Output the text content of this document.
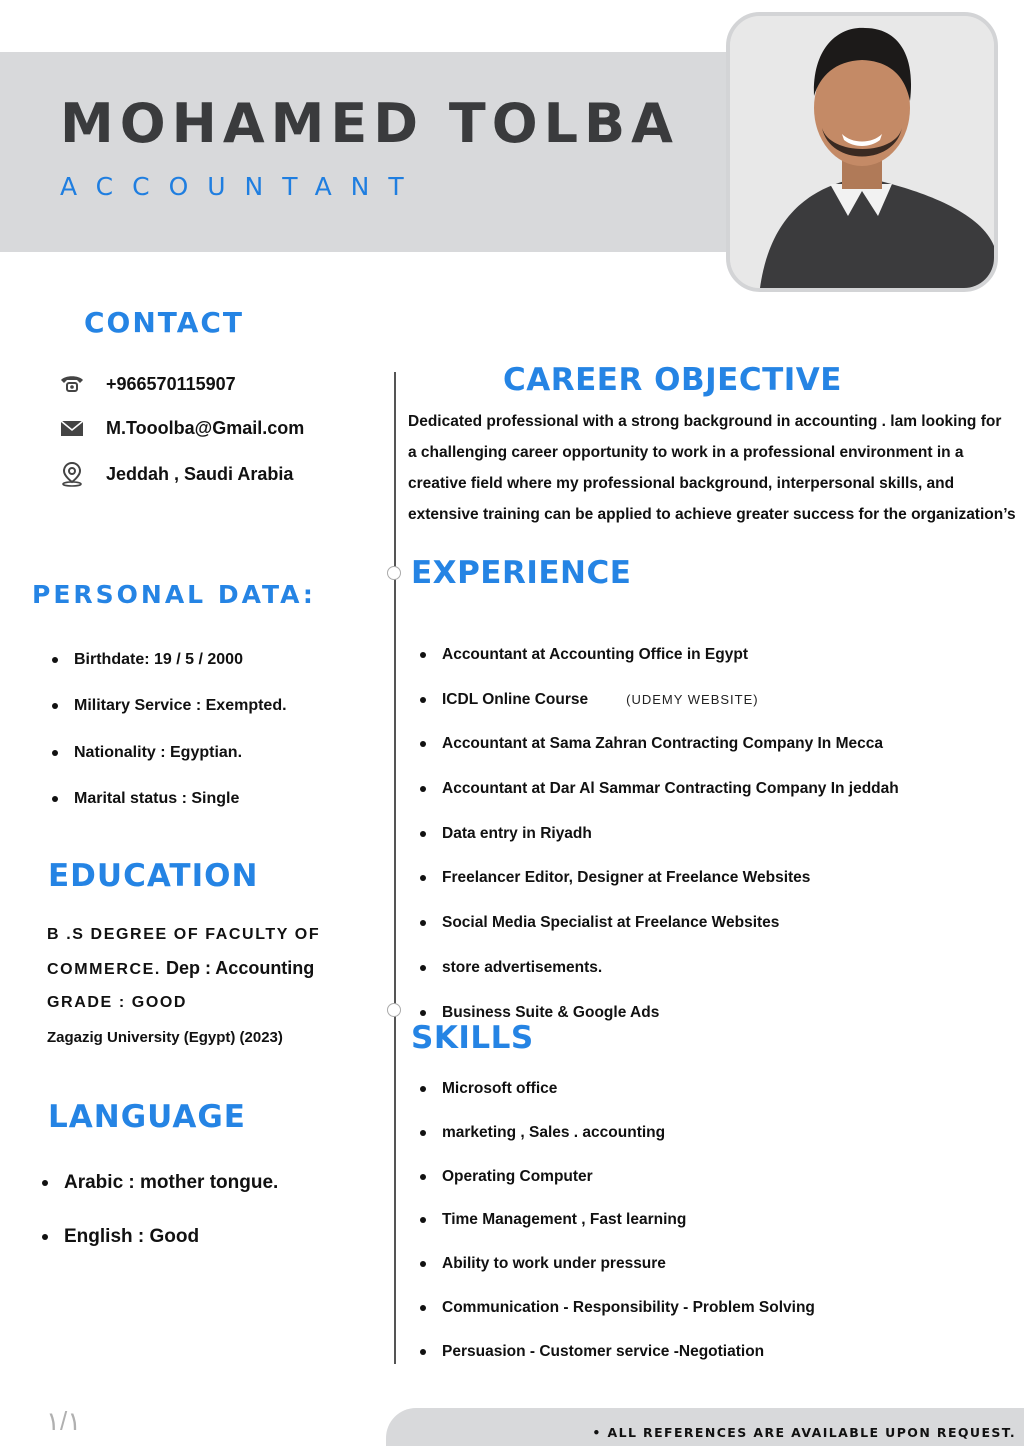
MOHAMED TOLBA
ACCOUNTANT
CONTACT
+966570115907
M.Tooolba@Gmail.com
Jeddah , Saudi Arabia
PERSONAL DATA:
Birthdate: 19 / 5 / 2000
Military Service : Exempted.
Nationality : Egyptian.
Marital status : Single
EDUCATION
B .S DEGREE OF FACULTY OF
COMMERCE. Dep : Accounting
GRADE : GOOD
Zagazig University (Egypt) (2023)
LANGUAGE
Arabic : mother tongue.
English : Good
CAREER OBJECTIVE

Dedicated professional with a strong background in accounting . lam looking for

a challenging career opportunity to work in a professional environment in a

creative field where my professional background, interpersonal skills, and

extensive training can be applied to achieve greater success for the organization’s

EXPERIENCE
Accountant at Accounting Office in Egypt
ICDL Online Course	(UDEMY WEBSITE)
Accountant at Sama Zahran Contracting Company In Mecca
Accountant at Dar Al Sammar Contracting Company In jeddah
Data entry in Riyadh
Freelancer Editor, Designer at Freelance Websites
Social Media Specialist at Freelance Websites
store advertisements.
Business Suite & Google Ads
SKILLS
Microsoft office
marketing , Sales . accounting
Operating Computer
Time Management , Fast learning
Ability to work under pressure
Communication - Responsibility - Problem Solving
Persuasion - Customer service -Negotiation
• ALL REFERENCES ARE AVAILABLE UPON REQUEST.
١/١
